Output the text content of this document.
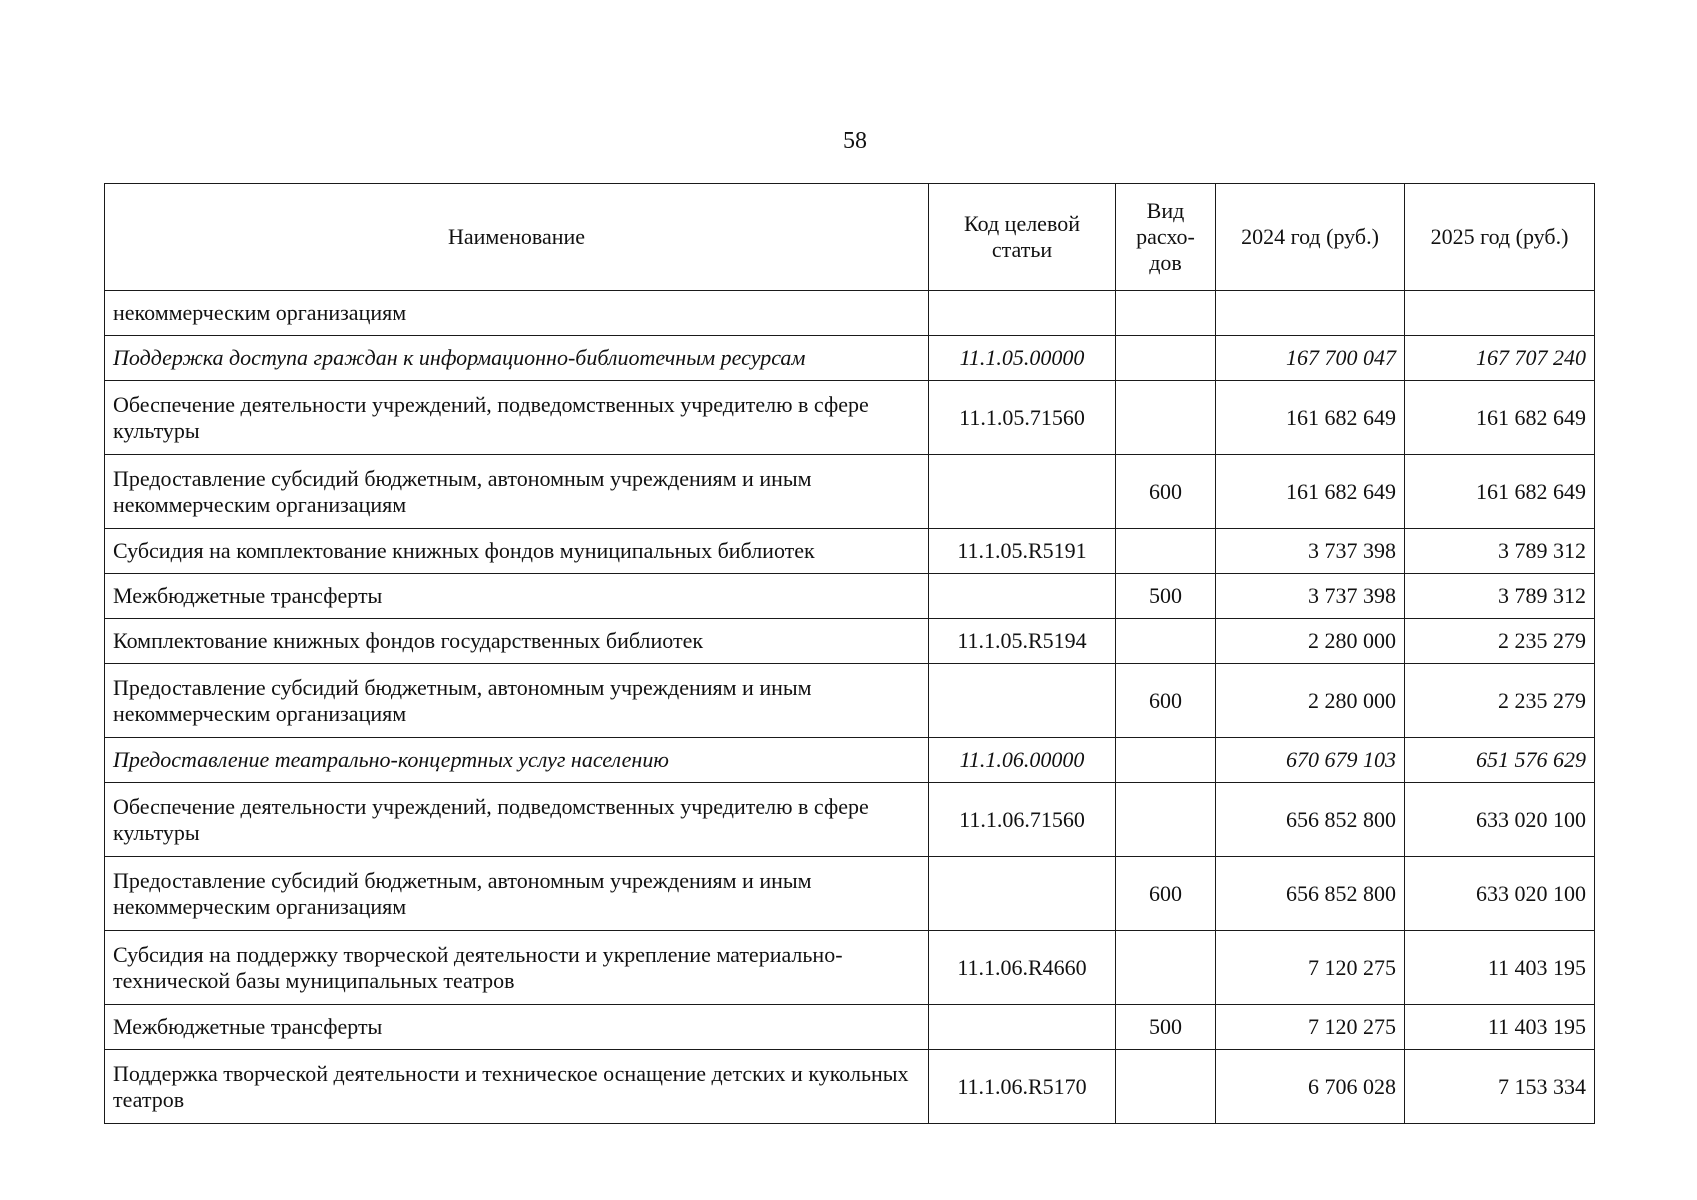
58
Наименование	Код целевой статьи	Вид расхо-дов	2024 год (руб.)	2025 год (руб.)
некоммерческим организациям				
Поддержка доступа граждан к информационно-библиотечным ресурсам	11.1.05.00000		167 700 047	167 707 240
Обеспечение деятельности учреждений, подведомственных учредителю в сфере культуры	11.1.05.71560		161 682 649	161 682 649
Предоставление субсидий бюджетным, автономным учреждениям и иным некоммерческим организациям		600	161 682 649	161 682 649
Субсидия на комплектование книжных фондов муниципальных библиотек	11.1.05.R5191		3 737 398	3 789 312
Межбюджетные трансферты		500	3 737 398	3 789 312
Комплектование книжных фондов государственных библиотек	11.1.05.R5194		2 280 000	2 235 279
Предоставление субсидий бюджетным, автономным учреждениям и иным некоммерческим организациям		600	2 280 000	2 235 279
Предоставление театрально-концертных услуг населению	11.1.06.00000		670 679 103	651 576 629
Обеспечение деятельности учреждений, подведомственных учредителю в сфере культуры	11.1.06.71560		656 852 800	633 020 100
Предоставление субсидий бюджетным, автономным учреждениям и иным некоммерческим организациям		600	656 852 800	633 020 100
Субсидия на поддержку творческой деятельности и укрепление материально-технической базы муниципальных театров	11.1.06.R4660		7 120 275	11 403 195
Межбюджетные трансферты		500	7 120 275	11 403 195
Поддержка творческой деятельности и техническое оснащение детских и кукольных театров	11.1.06.R5170		6 706 028	7 153 334
